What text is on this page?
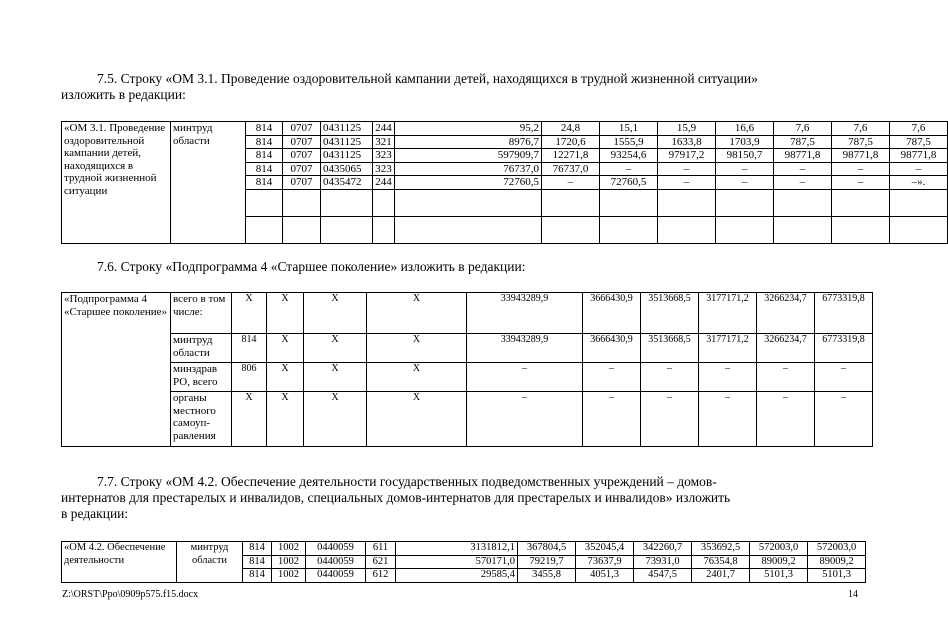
7.5. Строку «ОМ 3.1. Проведение оздоровительной кампании детей, находящихся в трудной жизненной ситуации»
изложить в редакции:
«ОМ 3.1. Проведение оздоровительной кампании детей, находящихся в трудной жизненной ситуации	минтруд области	814	0707	0431125	244	95,2	24,8	15,1	15,9	16,6	7,6	7,6	7,6
		814	0707	0431125	321	8976,7	1720,6	1555,9	1633,8	1703,9	787,5	787,5	787,5
		814	0707	0431125	323	597909,7	12271,8	93254,6	97917,2	98150,7	98771,8	98771,8	98771,8
		814	0707	0435065	323	76737,0	76737,0	–	–	–	–	–	–
		814	0707	0435472	244	72760,5	–	72760,5	–	–	–	–	–».

7.6. Строку «Подпрограмма 4 «Старшее поколение» изложить в редакции:
«Подпрограмма 4 «Старшее поколение»	всего в том числе:	X	X	X	X	33943289,9	3666430,9	3513668,5	3177171,2	3266234,7	6773319,8		
	минтруд области	814	X	X	X	33943289,9	3666430,9	3513668,5	3177171,2	3266234,7	6773319,8		
	минздрав РО, всего	806	X	X	X	–	–	–	–	–	–		
	органы местного самоуп-равления	X	X	X	X	–	–	–	–	–	–		
7.7. Строку «ОМ 4.2. Обеспечение деятельности государственных подведомственных учреждений – домов-
интернатов для престарелых и инвалидов, специальных домов-интернатов для престарелых и инвалидов» изложить
в редакции:
«ОМ 4.2. Обеспечение деятельности	минтруд области	814	1002	0440059	611	3131812,1	367804,5	352045,4	342260,7	353692,5	572003,0	572003,0	
		814	1002	0440059	621	570171,0	79219,7	73637,9	73931,0	76354,8	89009,2	89009,2	
		814	1002	0440059	612	29585,4	3455,8	4051,3	4547,5	2401,7	5101,3	5101,3	
Z:\ORST\Ppo\0909p575.f15.docx	14
